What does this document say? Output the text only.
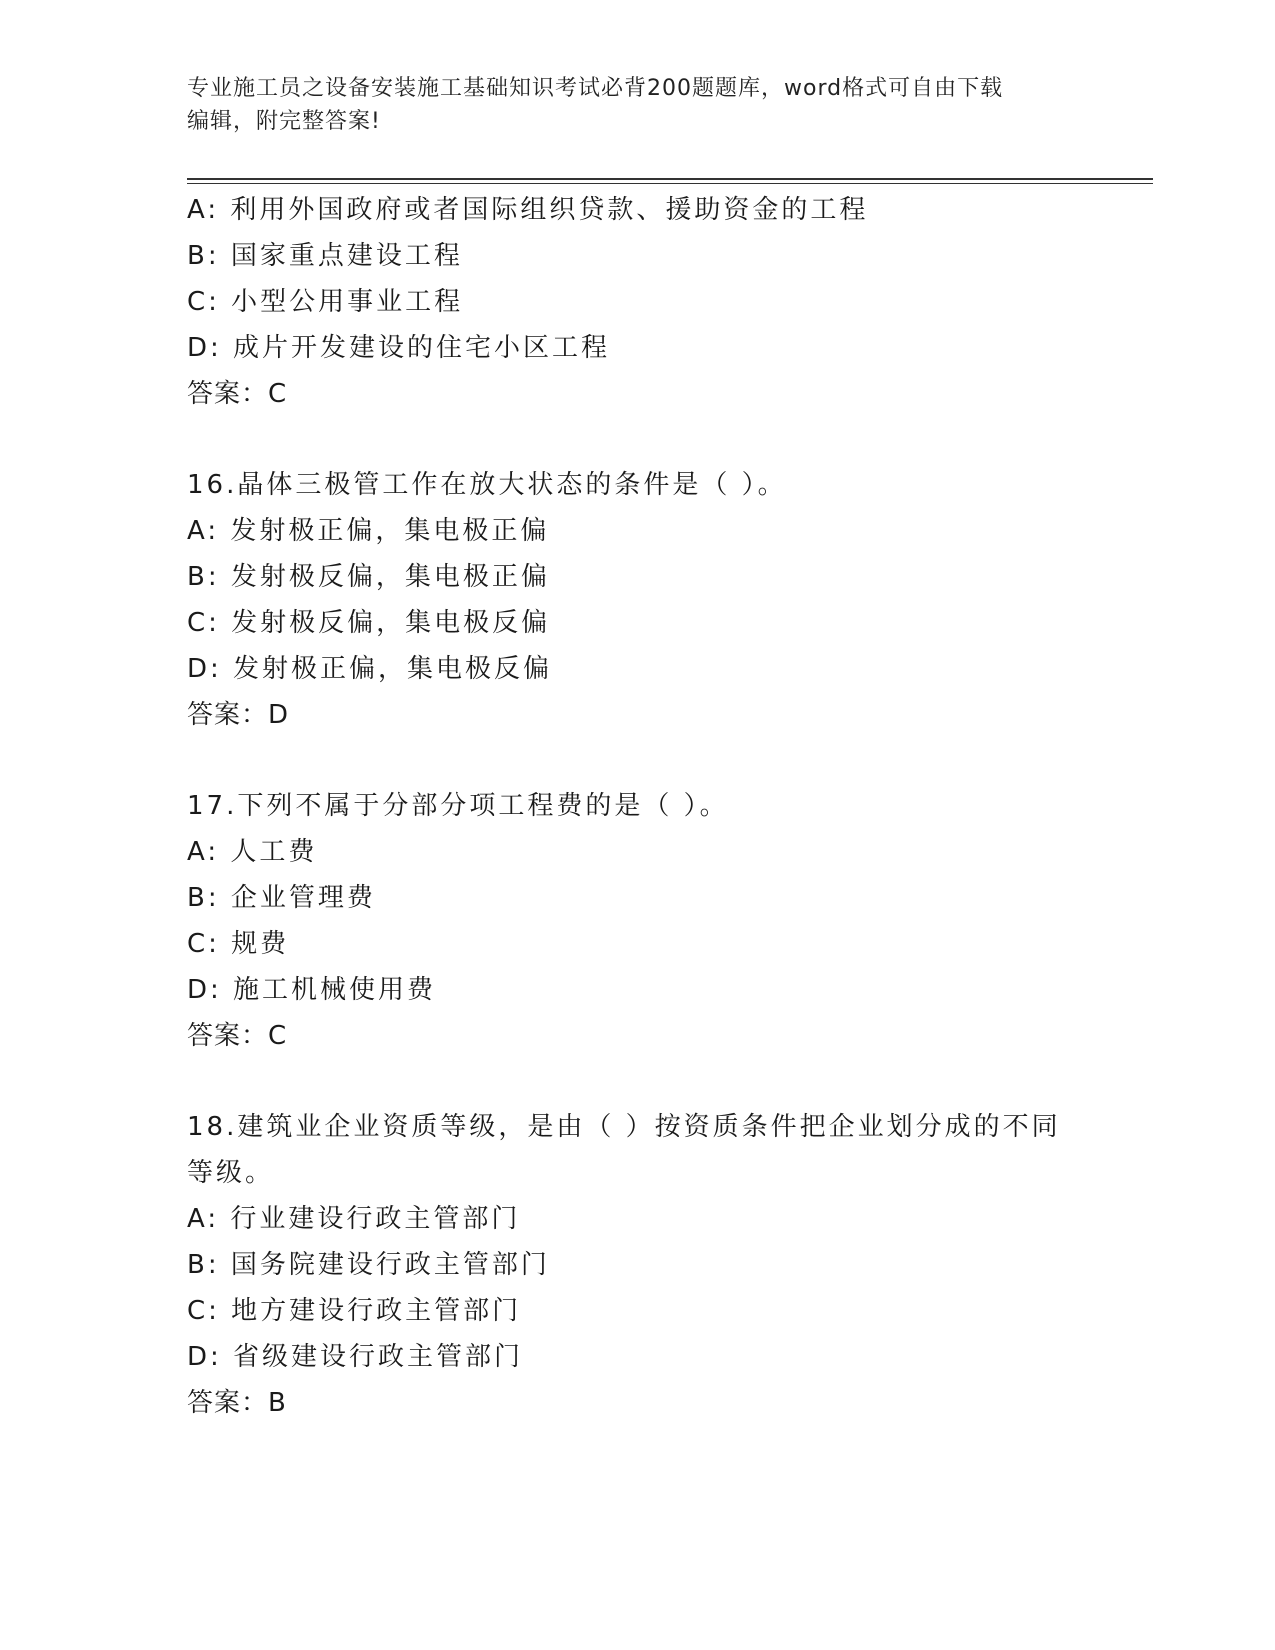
专业施工员之设备安装施工基础知识考试必背200题题库，word格式可自由下载
编辑，附完整答案!
A: 利用外国政府或者国际组织贷款、援助资金的工程
B: 国家重点建设工程
C: 小型公用事业工程
D: 成片开发建设的住宅小区工程
答案：C
16.晶体三极管工作在放大状态的条件是（ ）。
A: 发射极正偏，集电极正偏
B: 发射极反偏，集电极正偏
C: 发射极反偏，集电极反偏
D: 发射极正偏，集电极反偏
答案：D
17.下列不属于分部分项工程费的是（ ）。
A: 人工费
B: 企业管理费
C: 规费
D: 施工机械使用费
答案：C
18.建筑业企业资质等级，是由（ ）按资质条件把企业划分成的不同
等级。
A: 行业建设行政主管部门
B: 国务院建设行政主管部门
C: 地方建设行政主管部门
D: 省级建设行政主管部门
答案：B
